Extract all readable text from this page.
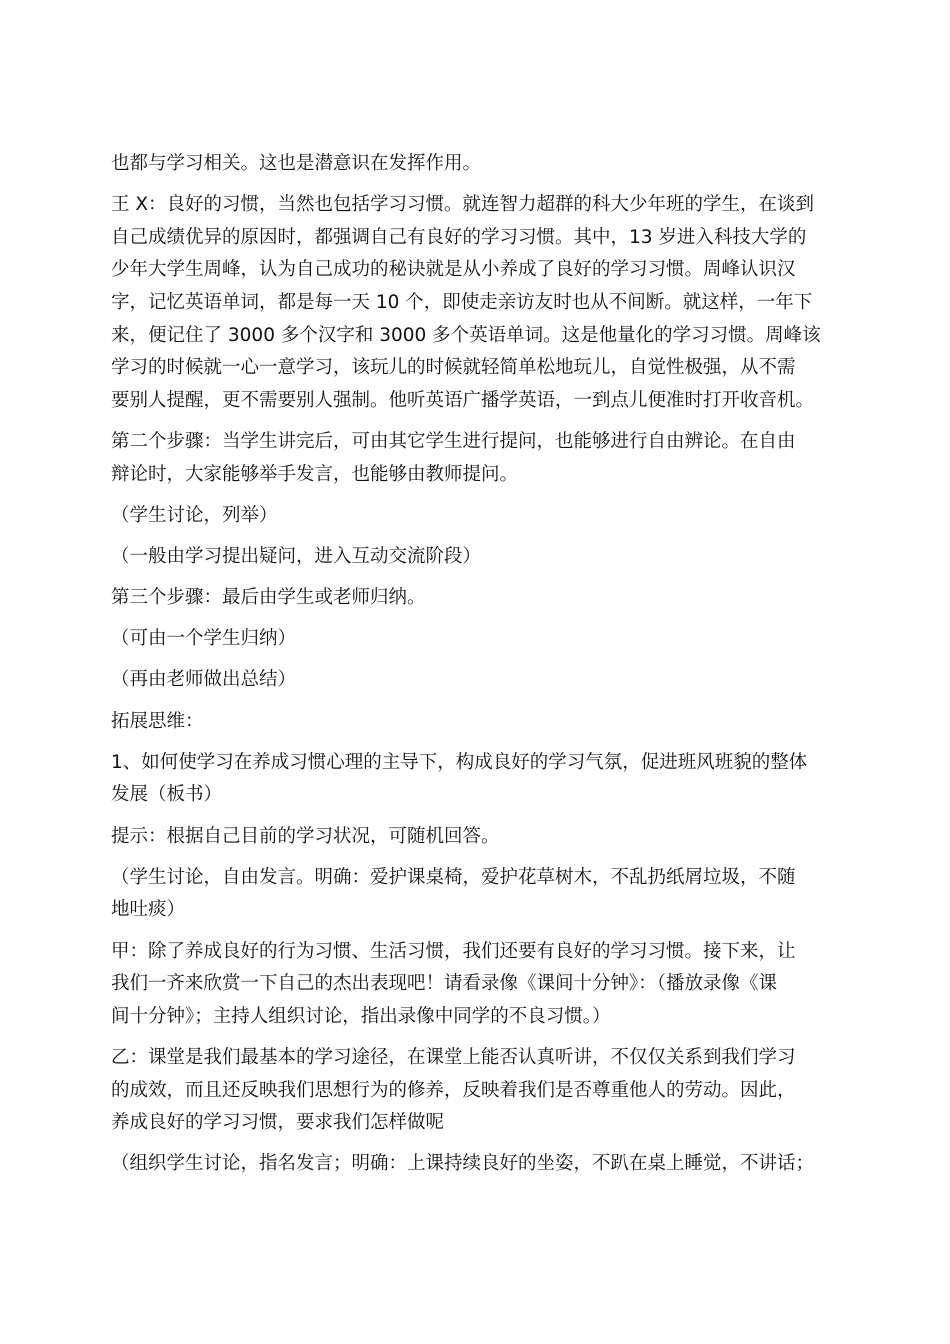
也都与学习相关。这也是潜意识在发挥作用。
王 X：良好的习惯，当然也包括学习习惯。就连智力超群的科大少年班的学生，在谈到
自己成绩优异的原因时，都强调自己有良好的学习习惯。其中，13 岁进入科技大学的
少年大学生周峰，认为自己成功的秘诀就是从小养成了良好的学习习惯。周峰认识汉
字，记忆英语单词，都是每一天 10 个，即使走亲访友时也从不间断。就这样，一年下
来，便记住了 3000 多个汉字和 3000 多个英语单词。这是他量化的学习习惯。周峰该
学习的时候就一心一意学习，该玩儿的时候就轻简单松地玩儿，自觉性极强，从不需
要别人提醒，更不需要别人强制。他听英语广播学英语，一到点儿便准时打开收音机。
第二个步骤：当学生讲完后，可由其它学生进行提问，也能够进行自由辨论。在自由
辩论时，大家能够举手发言，也能够由教师提问。
（学生讨论，列举）
（一般由学习提出疑问，进入互动交流阶段）
第三个步骤：最后由学生或老师归纳。
（可由一个学生归纳）
（再由老师做出总结）
拓展思维：
1、如何使学习在养成习惯心理的主导下，构成良好的学习气氛，促进班风班貌的整体
发展（板书）
提示：根据自己目前的学习状况，可随机回答。
（学生讨论，自由发言。明确：爱护课桌椅，爱护花草树木，不乱扔纸屑垃圾，不随
地吐痰）
甲：除了养成良好的行为习惯、生活习惯，我们还要有良好的学习习惯。接下来，让
我们一齐来欣赏一下自己的杰出表现吧！请看录像《课间十分钟》：（播放录像《课
间十分钟》；主持人组织讨论，指出录像中同学的不良习惯。）
乙：课堂是我们最基本的学习途径，在课堂上能否认真听讲，不仅仅关系到我们学习
的成效，而且还反映我们思想行为的修养，反映着我们是否尊重他人的劳动。因此，
养成良好的学习习惯，要求我们怎样做呢
（组织学生讨论，指名发言；明确：上课持续良好的坐姿，不趴在桌上睡觉，不讲话；
